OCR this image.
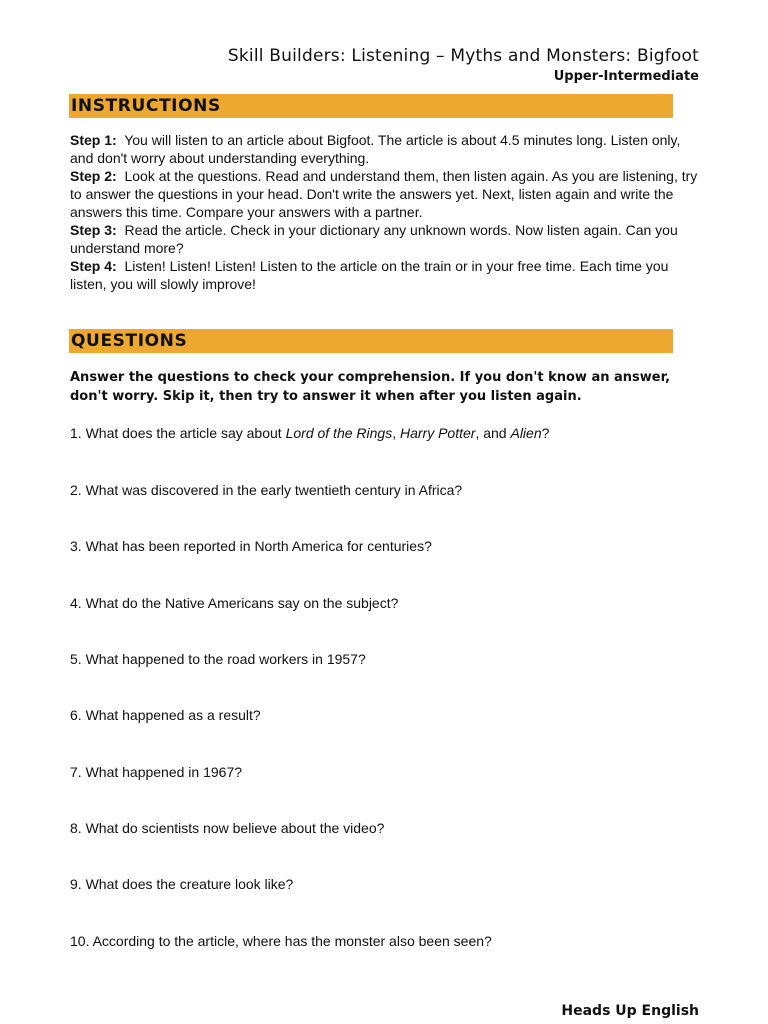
Skill Builders: Listening – Myths and Monsters: Bigfoot
Upper-Intermediate
INSTRUCTIONS
Step 1: You will listen to an article about Bigfoot. The article is about 4.5 minutes long. Listen only, and don't worry about understanding everything.
Step 2: Look at the questions. Read and understand them, then listen again. As you are listening, try to answer the questions in your head. Don't write the answers yet. Next, listen again and write the answers this time. Compare your answers with a partner.
Step 3: Read the article. Check in your dictionary any unknown words. Now listen again. Can you understand more?
Step 4: Listen! Listen! Listen! Listen to the article on the train or in your free time. Each time you listen, you will slowly improve!
QUESTIONS
Answer the questions to check your comprehension. If you don't know an answer, don't worry. Skip it, then try to answer it when after you listen again.
1. What does the article say about Lord of the Rings, Harry Potter, and Alien?
2. What was discovered in the early twentieth century in Africa?
3. What has been reported in North America for centuries?
4. What do the Native Americans say on the subject?
5. What happened to the road workers in 1957?
6. What happened as a result?
7. What happened in 1967?
8. What do scientists now believe about the video?
9. What does the creature look like?
10. According to the article, where has the monster also been seen?
Heads Up English
